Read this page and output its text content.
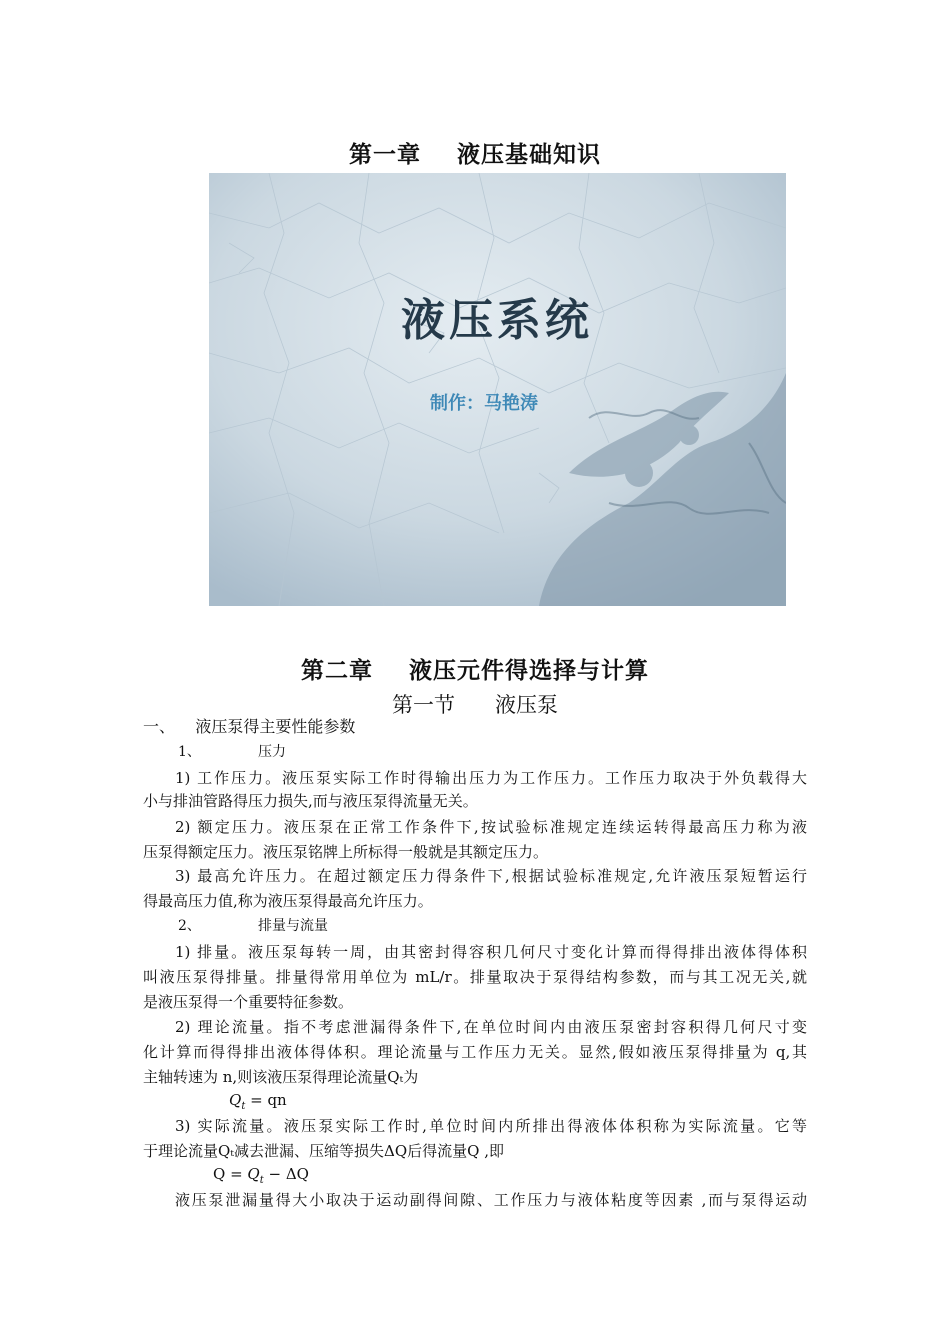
第一章    液压基础知识
液压系统
制作：马艳涛
第二章    液压元件得选择与计算
第一节      液压泵
一、    液压泵得主要性能参数
1、	压力
1) 工作压力。液压泵实际工作时得输出压力为工作压力。工作压力取决于外负载得大
小与排油管路得压力损失,而与液压泵得流量无关。
2) 额定压力。液压泵在正常工作条件下,按试验标准规定连续运转得最高压力称为液
压泵得额定压力。液压泵铭牌上所标得一般就是其额定压力。
3) 最高允许压力。在超过额定压力得条件下,根据试验标准规定,允许液压泵短暂运行
得最高压力值,称为液压泵得最高允许压力。
2、	排量与流量
1) 排量。液压泵每转一周，由其密封得容积几何尺寸变化计算而得得排出液体得体积
叫液压泵得排量。排量得常用单位为 mL/r。排量取决于泵得结构参数，而与其工况无关,就
是液压泵得一个重要特征参数。
2) 理论流量。指不考虑泄漏得条件下,在单位时间内由液压泵密封容积得几何尺寸变
化计算而得得排出液体得体积。理论流量与工作压力无关。显然,假如液压泵得排量为 q,其
主轴转速为 n,则该液压泵得理论流量Qₜ为
$Q_t$ = qn
3) 实际流量。液压泵实际工作时,单位时间内所排出得液体体积称为实际流量。它等
于理论流量Qₜ减去泄漏、压缩等损失ΔQ后得流量Q ,即
$Q = Q_t - \Delta Q$
液压泵泄漏量得大小取决于运动副得间隙、工作压力与液体粘度等因素 ,而与泵得运动
